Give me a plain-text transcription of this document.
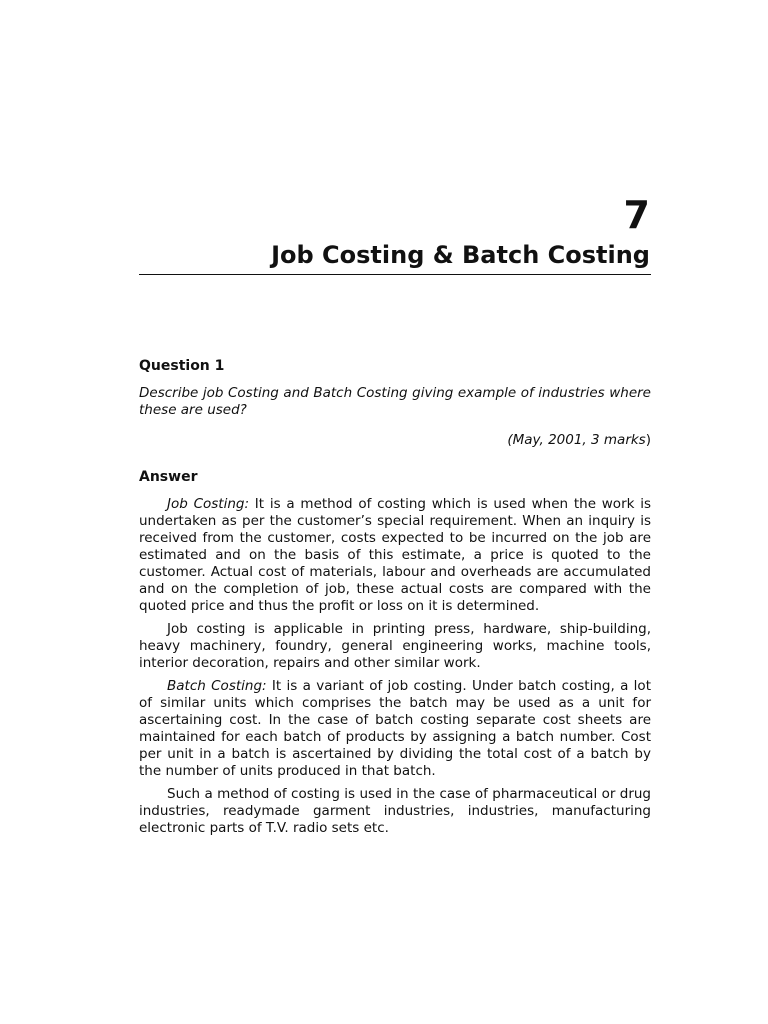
7
Job Costing & Batch Costing
Question 1

Describe job Costing and Batch Costing giving example of industries where these are used?

(May, 2001, 3 marks)
Answer

Job Costing: It is a method of costing which is used when the work is undertaken as per the customer’s special requirement. When an inquiry is received from the customer, costs expected to be incurred on the job are estimated and on the basis of this estimate, a price is quoted to the customer. Actual cost of materials, labour and overheads are accumulated and on the completion of job, these actual costs are compared with the quoted price and thus the profit or loss on it is determined.

Job costing is applicable in printing press, hardware, ship-building, heavy machinery, foundry, general engineering works, machine tools, interior decoration, repairs and other similar work.

Batch Costing: It is a variant of job costing. Under batch costing, a lot of similar units which comprises the batch may be used as a unit for ascertaining cost. In the case of batch costing separate cost sheets are maintained for each batch of products by assigning a batch number. Cost per unit in a batch is ascertained by dividing the total cost of a batch by the number of units produced in that batch.

Such a method of costing is used in the case of pharmaceutical or drug industries, readymade garment industries, industries, manufacturing electronic parts of T.V. radio sets etc.
